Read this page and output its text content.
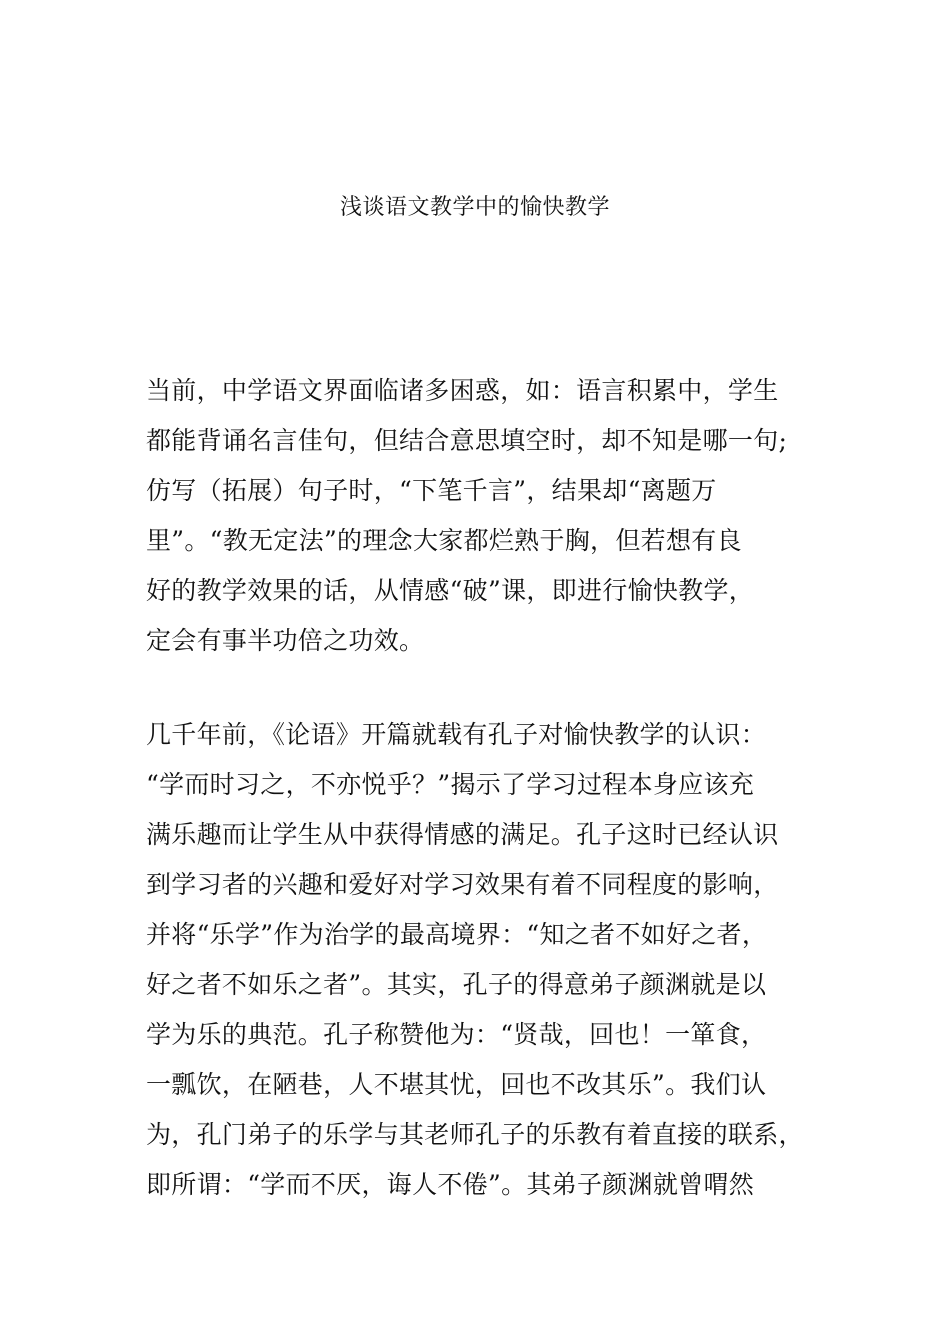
浅谈语文教学中的愉快教学
当前，中学语文界面临诸多困惑，如：语言积累中，学生
都能背诵名言佳句，但结合意思填空时，却不知是哪一句;
仿写（拓展）句子时，“下笔千言”，结果却“离题万
里”。“教无定法”的理念大家都烂熟于胸，但若想有良
好的教学效果的话，从情感“破”课，即进行愉快教学，
定会有事半功倍之功效。
几千年前，《论语》开篇就载有孔子对愉快教学的认识：
“学而时习之，不亦悦乎？”揭示了学习过程本身应该充
满乐趣而让学生从中获得情感的满足。孔子这时已经认识
到学习者的兴趣和爱好对学习效果有着不同程度的影响，
并将“乐学”作为治学的最高境界：“知之者不如好之者，
好之者不如乐之者”。其实，孔子的得意弟子颜渊就是以
学为乐的典范。孔子称赞他为：“贤哉，回也！一箪食，
一瓢饮，在陋巷，人不堪其忧，回也不改其乐”。我们认
为，孔门弟子的乐学与其老师孔子的乐教有着直接的联系，
即所谓：“学而不厌，诲人不倦”。其弟子颜渊就曾喟然
